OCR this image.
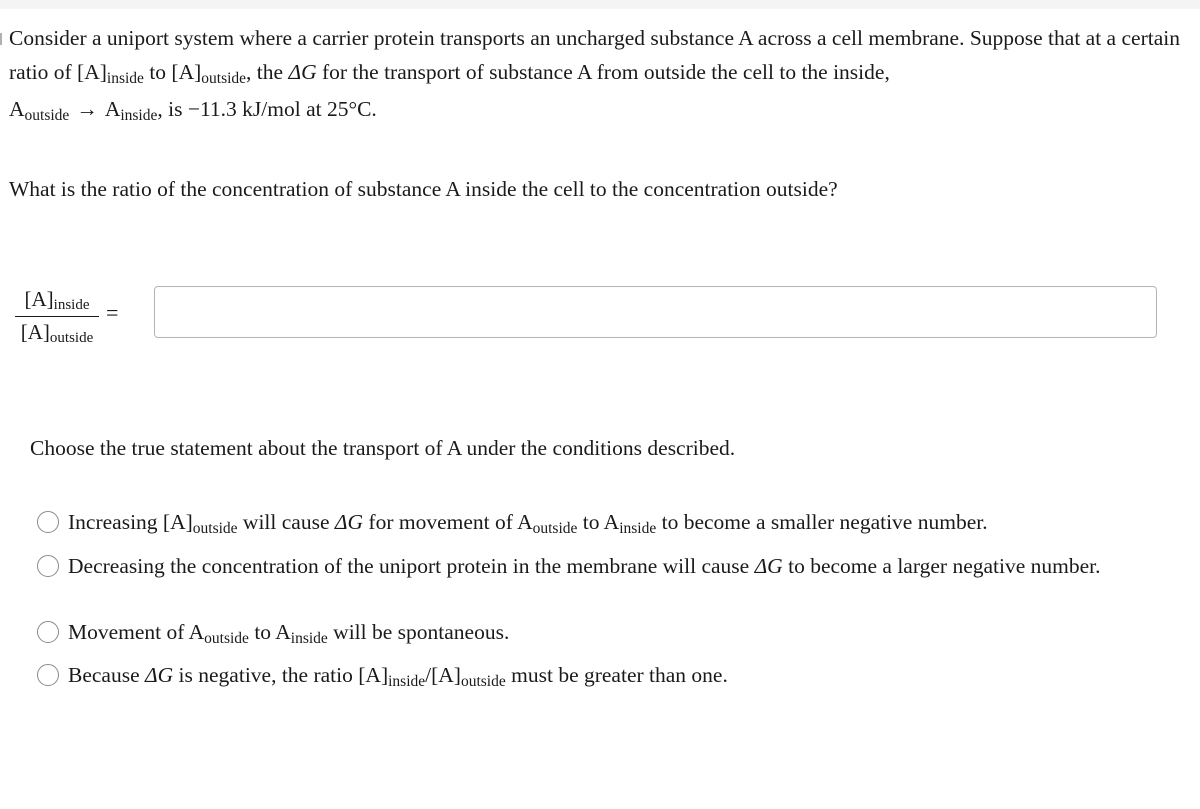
Consider a uniport system where a carrier protein transports an uncharged substance A across a cell membrane. Suppose that at a certain ratio of [A]inside to [A]outside, the ΔG for the transport of substance A from outside the cell to the inside,
Aoutside → Ainside, is −11.3 kJ/mol at 25°C.
What is the ratio of the concentration of substance A inside the cell to the concentration outside?
[A]inside
[A]outside
=
Choose the true statement about the transport of A under the conditions described.
Increasing [A]outside will cause ΔG for movement of Aoutside to Ainside to become a smaller negative number.
Decreasing the concentration of the uniport protein in the membrane will cause ΔG to become a larger negative number.
Movement of Aoutside to Ainside will be spontaneous.
Because ΔG is negative, the ratio [A]inside/[A]outside must be greater than one.
